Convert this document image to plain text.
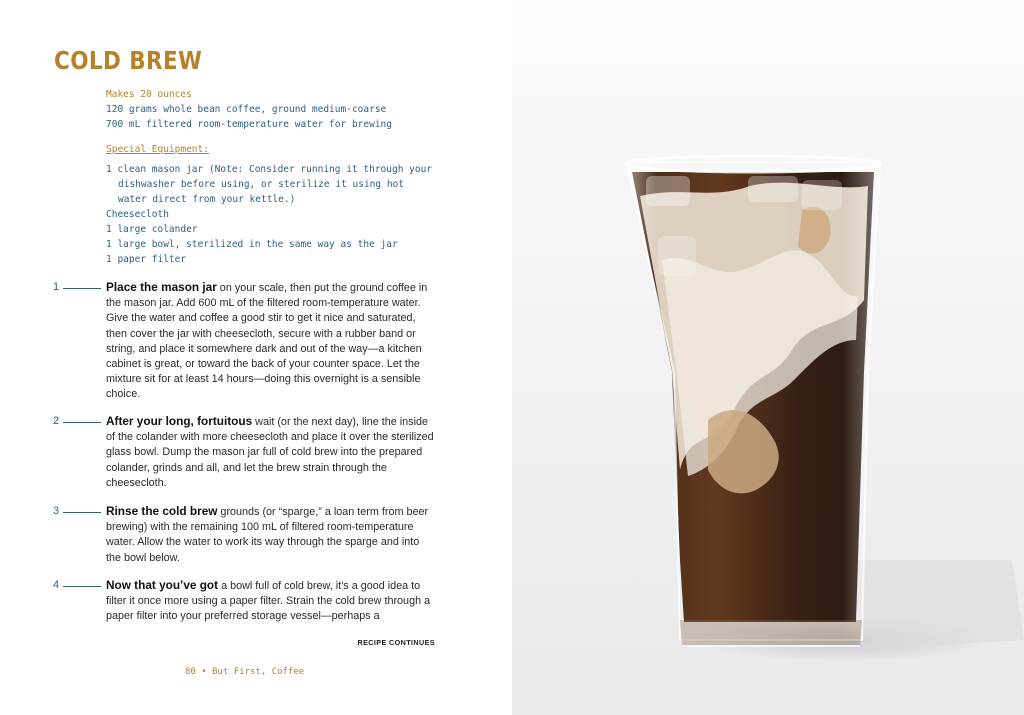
COLD BREW
Makes 20 ounces
120 grams whole bean coffee, ground medium-coarse
700 mL filtered room-temperature water for brewing
Special Equipment:
1 clean mason jar (Note: Consider running it through your dishwasher before using, or sterilize it using hot water direct from your kettle.)
Cheesecloth
1 large colander
1 large bowl, sterilized in the same way as the jar
1 paper filter
1	Place the mason jar on your scale, then put the ground coffee in the mason jar. Add 600 mL of the filtered room-temperature water. Give the water and coffee a good stir to get it nice and saturated, then cover the jar with cheesecloth, secure with a rubber band or string, and place it somewhere dark and out of the way—a kitchen cabinet is great, or toward the back of your counter space. Let the mixture sit for at least 14 hours—doing this overnight is a sensible choice.
2	After your long, fortuitous wait (or the next day), line the inside of the colander with more cheesecloth and place it over the sterilized glass bowl. Dump the mason jar full of cold brew into the prepared colander, grinds and all, and let the brew strain through the cheesecloth.
3	Rinse the cold brew grounds (or “sparge,” a loan term from beer brewing) with the remaining 100 mL of filtered room-temperature water. Allow the water to work its way through the sparge and into the bowl below.
4	Now that you’ve got a bowl full of cold brew, it’s a good idea to filter it once more using a paper filter. Strain the cold brew through a paper filter into your preferred storage vessel—perhaps a
RECIPE CONTINUES
80 • But First, Coffee
